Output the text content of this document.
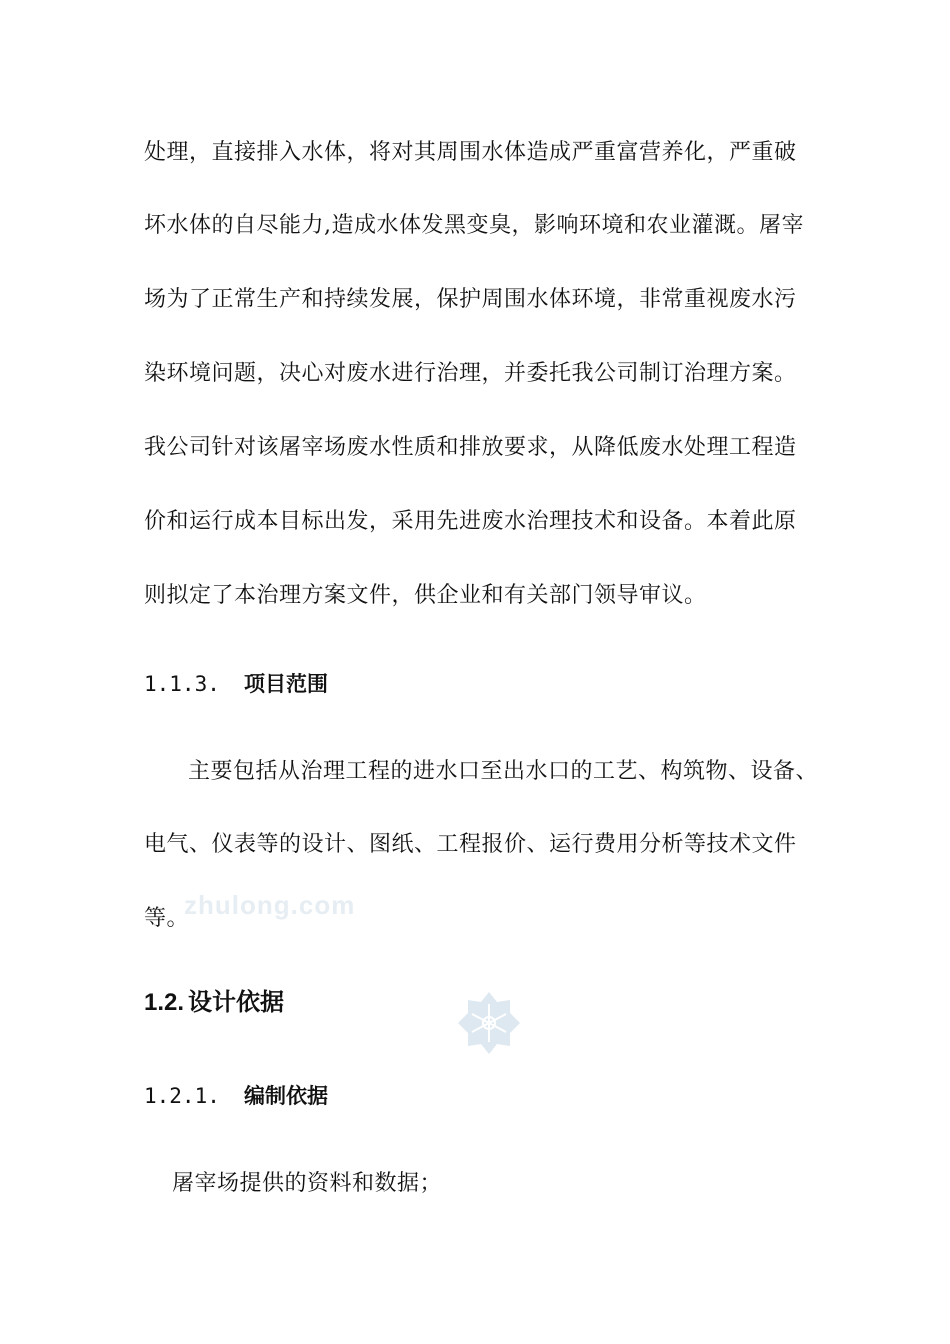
处理，直接排入水体，将对其周围水体造成严重富营养化，严重破
坏水体的自尽能力,造成水体发黑变臭，影响环境和农业灌溉。屠宰
场为了正常生产和持续发展，保护周围水体环境，非常重视废水污
染环境问题，决心对废水进行治理，并委托我公司制订治理方案。
我公司针对该屠宰场废水性质和排放要求，从降低废水处理工程造
价和运行成本目标出发，采用先进废水治理技术和设备。本着此原
则拟定了本治理方案文件，供企业和有关部门领导审议。
1.1.3. 项目范围
主要包括从治理工程的进水口至出水口的工艺、构筑物、设备、
电气、仪表等的设计、图纸、工程报价、运行费用分析等技术文件
等。
1.2. 设计依据
1.2.1. 编制依据
屠宰场提供的资料和数据；
zhulong.com
